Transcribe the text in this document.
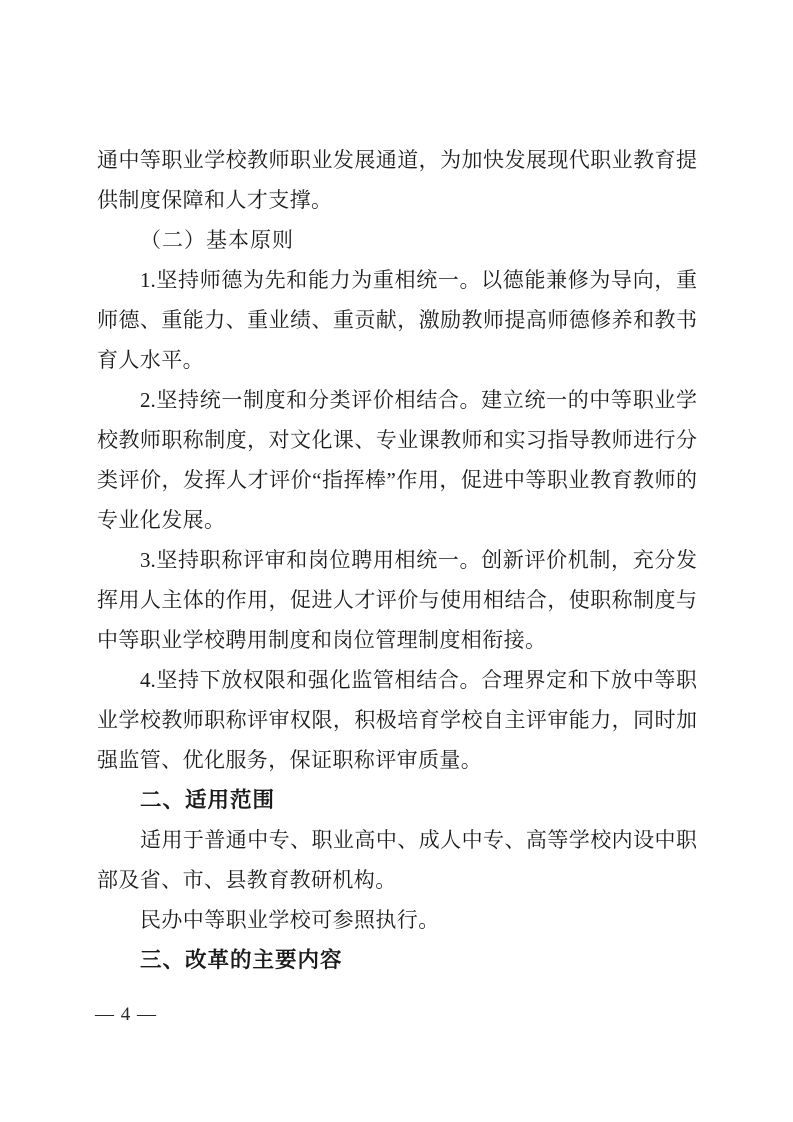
通中等职业学校教师职业发展通道，为加快发展现代职业教育提
供制度保障和人才支撑。
（二）基本原则
1.坚持师德为先和能力为重相统一。以德能兼修为导向，重
师德、重能力、重业绩、重贡献，激励教师提高师德修养和教书
育人水平。
2.坚持统一制度和分类评价相结合。建立统一的中等职业学
校教师职称制度，对文化课、专业课教师和实习指导教师进行分
类评价，发挥人才评价“指挥棒”作用，促进中等职业教育教师的
专业化发展。
3.坚持职称评审和岗位聘用相统一。创新评价机制，充分发
挥用人主体的作用，促进人才评价与使用相结合，使职称制度与
中等职业学校聘用制度和岗位管理制度相衔接。
4.坚持下放权限和强化监管相结合。合理界定和下放中等职
业学校教师职称评审权限，积极培育学校自主评审能力，同时加
强监管、优化服务，保证职称评审质量。
二、适用范围
适用于普通中专、职业高中、成人中专、高等学校内设中职
部及省、市、县教育教研机构。
民办中等职业学校可参照执行。
三、改革的主要内容
— 4 —
